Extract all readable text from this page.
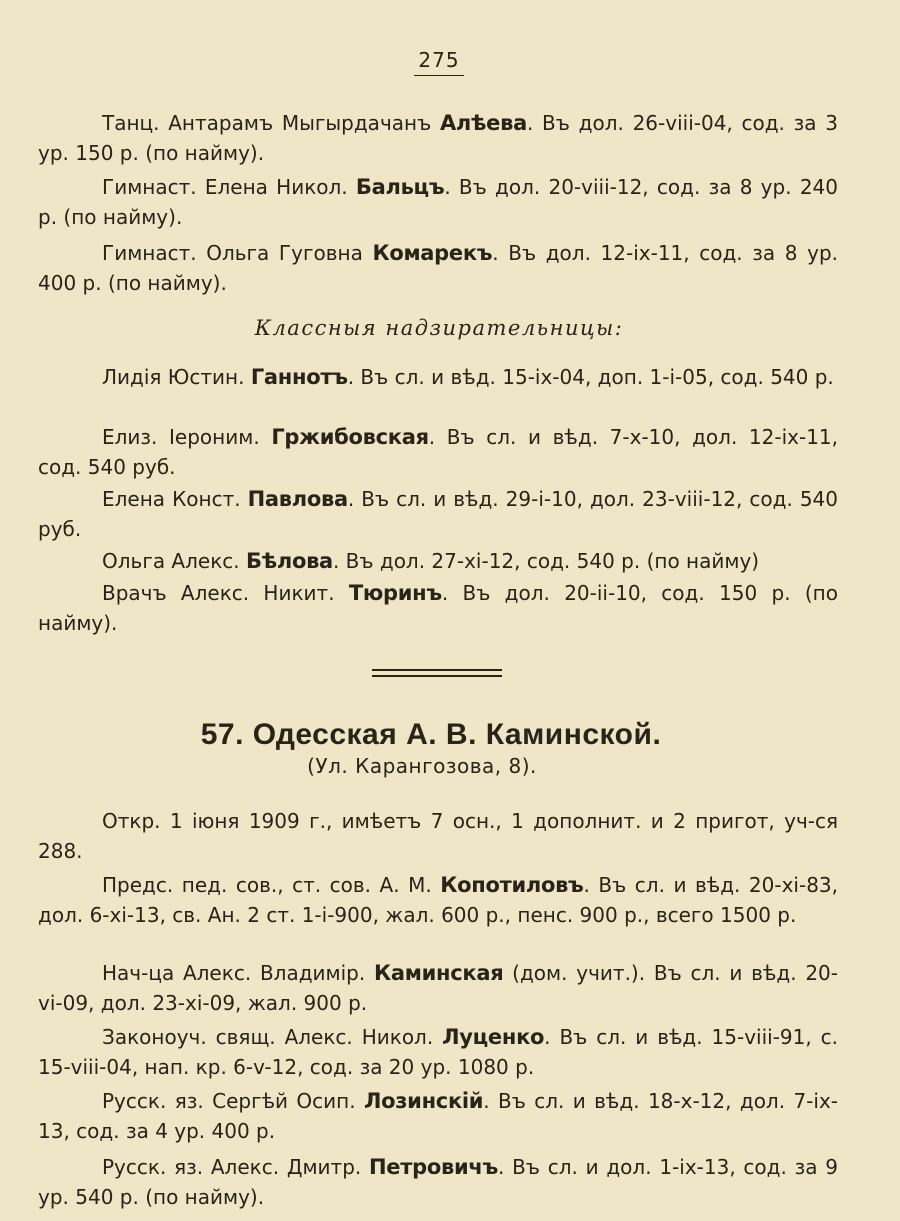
275
Танц. Антарамъ Мыгырдачанъ Алѣева. Въ дол. 26-viii-04, сод. за 3 ур. 150 р. (по найму).
Гимнаст. Елена Никол. Бальцъ. Въ дол. 20-viii-12, сод. за 8 ур. 240 р. (по найму).
Гимнаст. Ольга Гуговна Комарекъ. Въ дол. 12-ix-11, сод. за 8 ур. 400 р. (по найму).
Классныя надзирательницы:
Лидія Юстин. Ганнотъ. Въ сл. и вѣд. 15-ix-04, доп. 1-i-05, сод. 540 р.
Елиз. Іероним. Гржибовская. Въ сл. и вѣд. 7-x-10, дол. 12-ix-11, сод. 540 руб.
Елена Конст. Павлова. Въ сл. и вѣд. 29-i-10, дол. 23-viii-12, сод. 540 руб.
Ольга Алекс. Бѣлова. Въ дол. 27-xi-12, сод. 540 р. (по найму)
Врачъ Алекс. Никит. Тюринъ. Въ дол. 20-ii-10, сод. 150 р. (по найму).
57. Одесская А. В. Каминской.
(Ул. Карангозова, 8).
Откр. 1 іюня 1909 г., имѣетъ 7 осн., 1 дополнит. и 2 пригот, уч-ся 288.
Предс. пед. сов., ст. сов. А. М. Копотиловъ. Въ сл. и вѣд. 20-xi-83, дол. 6-xi-13, св. Ан. 2 ст. 1-i-900, жал. 600 р., пенс. 900 р., всего 1500 р.
Нач-ца Алекс. Владимір. Каминская (дом. учит.). Въ сл. и вѣд. 20-vi-09, дол. 23-xi-09, жал. 900 р.
Законоуч. свящ. Алекс. Никол. Луценко. Въ сл. и вѣд. 15-viii-91, с. 15-viii-04, нап. кр. 6-v-12, сод. за 20 ур. 1080 р.
Русск. яз. Сергѣй Осип. Лозинскій. Въ сл. и вѣд. 18-x-12, дол. 7-ix-13, сод. за 4 ур. 400 р.
Русск. яз. Алекс. Дмитр. Петровичъ. Въ сл. и дол. 1-ix-13, сод. за 9 ур. 540 р. (по найму).
